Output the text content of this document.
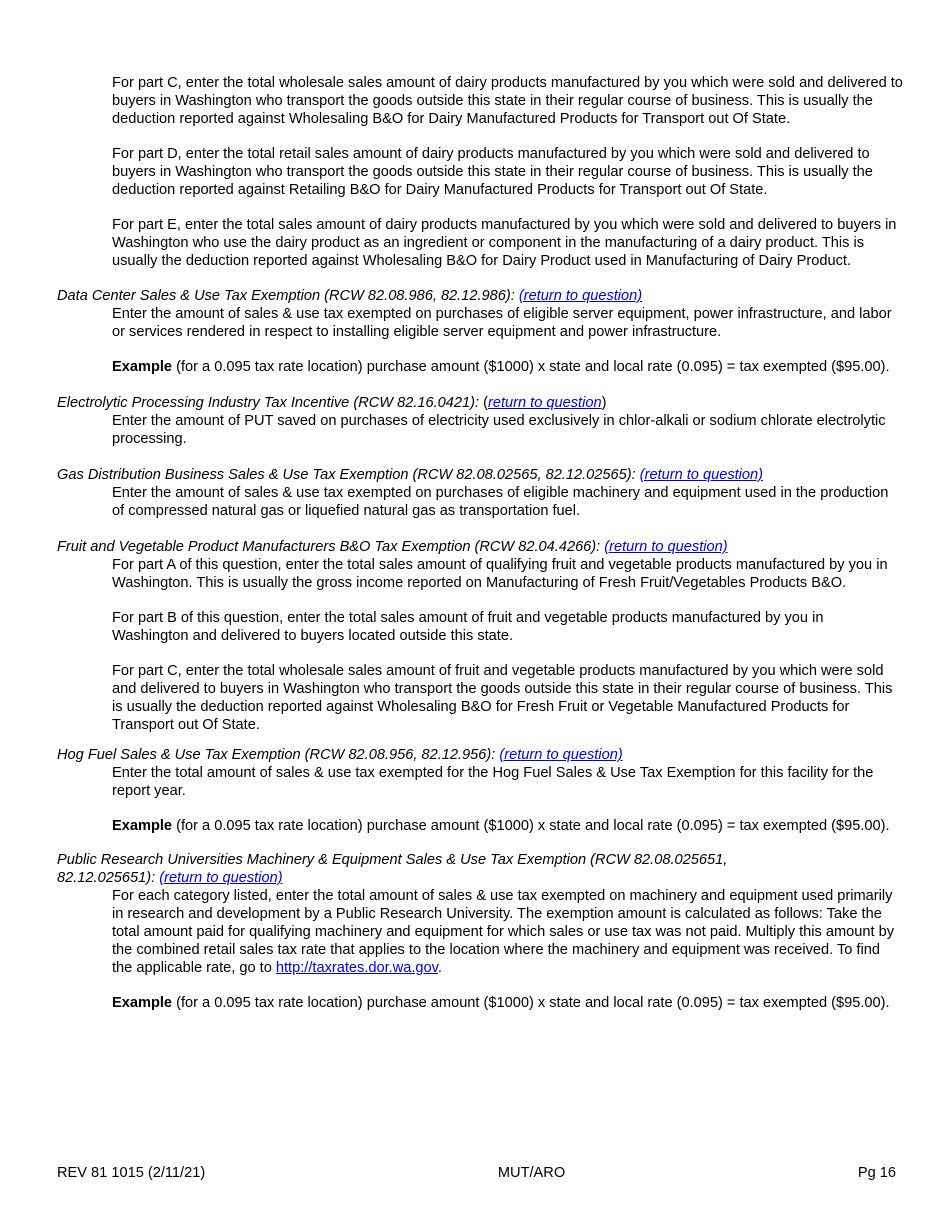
For part C, enter the total wholesale sales amount of dairy products manufactured by you which were sold and delivered to buyers in Washington who transport the goods outside this state in their regular course of business. This is usually the deduction reported against Wholesaling B&O for Dairy Manufactured Products for Transport out Of State.

For part D, enter the total retail sales amount of dairy products manufactured by you which were sold and delivered to buyers in Washington who transport the goods outside this state in their regular course of business. This is usually the deduction reported against Retailing B&O for Dairy Manufactured Products for Transport out Of State.

For part E, enter the total sales amount of dairy products manufactured by you which were sold and delivered to buyers in Washington who use the dairy product as an ingredient or component in the manufacturing of a dairy product. This is usually the deduction reported against Wholesaling B&O for Dairy Product used in Manufacturing of Dairy Product.

Data Center Sales & Use Tax Exemption (RCW 82.08.986, 82.12.986): (return to question)

Enter the amount of sales & use tax exempted on purchases of eligible server equipment, power infrastructure, and labor or services rendered in respect to installing eligible server equipment and power infrastructure.

Example (for a 0.095 tax rate location) purchase amount ($1000) x state and local rate (0.095) = tax exempted ($95.00).

Electrolytic Processing Industry Tax Incentive (RCW 82.16.0421): (return to question)

Enter the amount of PUT saved on purchases of electricity used exclusively in chlor-alkali or sodium chlorate electrolytic processing.

Gas Distribution Business Sales & Use Tax Exemption (RCW 82.08.02565, 82.12.02565): (return to question)

Enter the amount of sales & use tax exempted on purchases of eligible machinery and equipment used in the production of compressed natural gas or liquefied natural gas as transportation fuel.

Fruit and Vegetable Product Manufacturers B&O Tax Exemption (RCW 82.04.4266): (return to question)

For part A of this question, enter the total sales amount of qualifying fruit and vegetable products manufactured by you in Washington. This is usually the gross income reported on Manufacturing of Fresh Fruit/Vegetables Products B&O.

For part B of this question, enter the total sales amount of fruit and vegetable products manufactured by you in Washington and delivered to buyers located outside this state.

For part C, enter the total wholesale sales amount of fruit and vegetable products manufactured by you which were sold and delivered to buyers in Washington who transport the goods outside this state in their regular course of business. This is usually the deduction reported against Wholesaling B&O for Fresh Fruit or Vegetable Manufactured Products for Transport out Of State.

Hog Fuel Sales & Use Tax Exemption (RCW 82.08.956, 82.12.956): (return to question)

Enter the total amount of sales & use tax exempted for the Hog Fuel Sales & Use Tax Exemption for this facility for the report year.

Example (for a 0.095 tax rate location) purchase amount ($1000) x state and local rate (0.095) = tax exempted ($95.00).

Public Research Universities Machinery & Equipment Sales & Use Tax Exemption (RCW 82.08.025651, 82.12.025651): (return to question)

For each category listed, enter the total amount of sales & use tax exempted on machinery and equipment used primarily in research and development by a Public Research University. The exemption amount is calculated as follows: Take the total amount paid for qualifying machinery and equipment for which sales or use tax was not paid. Multiply this amount by the combined retail sales tax rate that applies to the location where the machinery and equipment was received. To find the applicable rate, go to http://taxrates.dor.wa.gov.

Example (for a 0.095 tax rate location) purchase amount ($1000) x state and local rate (0.095) = tax exempted ($95.00).

REV 81 1015 (2/11/21)	MUT/ARO	Pg 16
